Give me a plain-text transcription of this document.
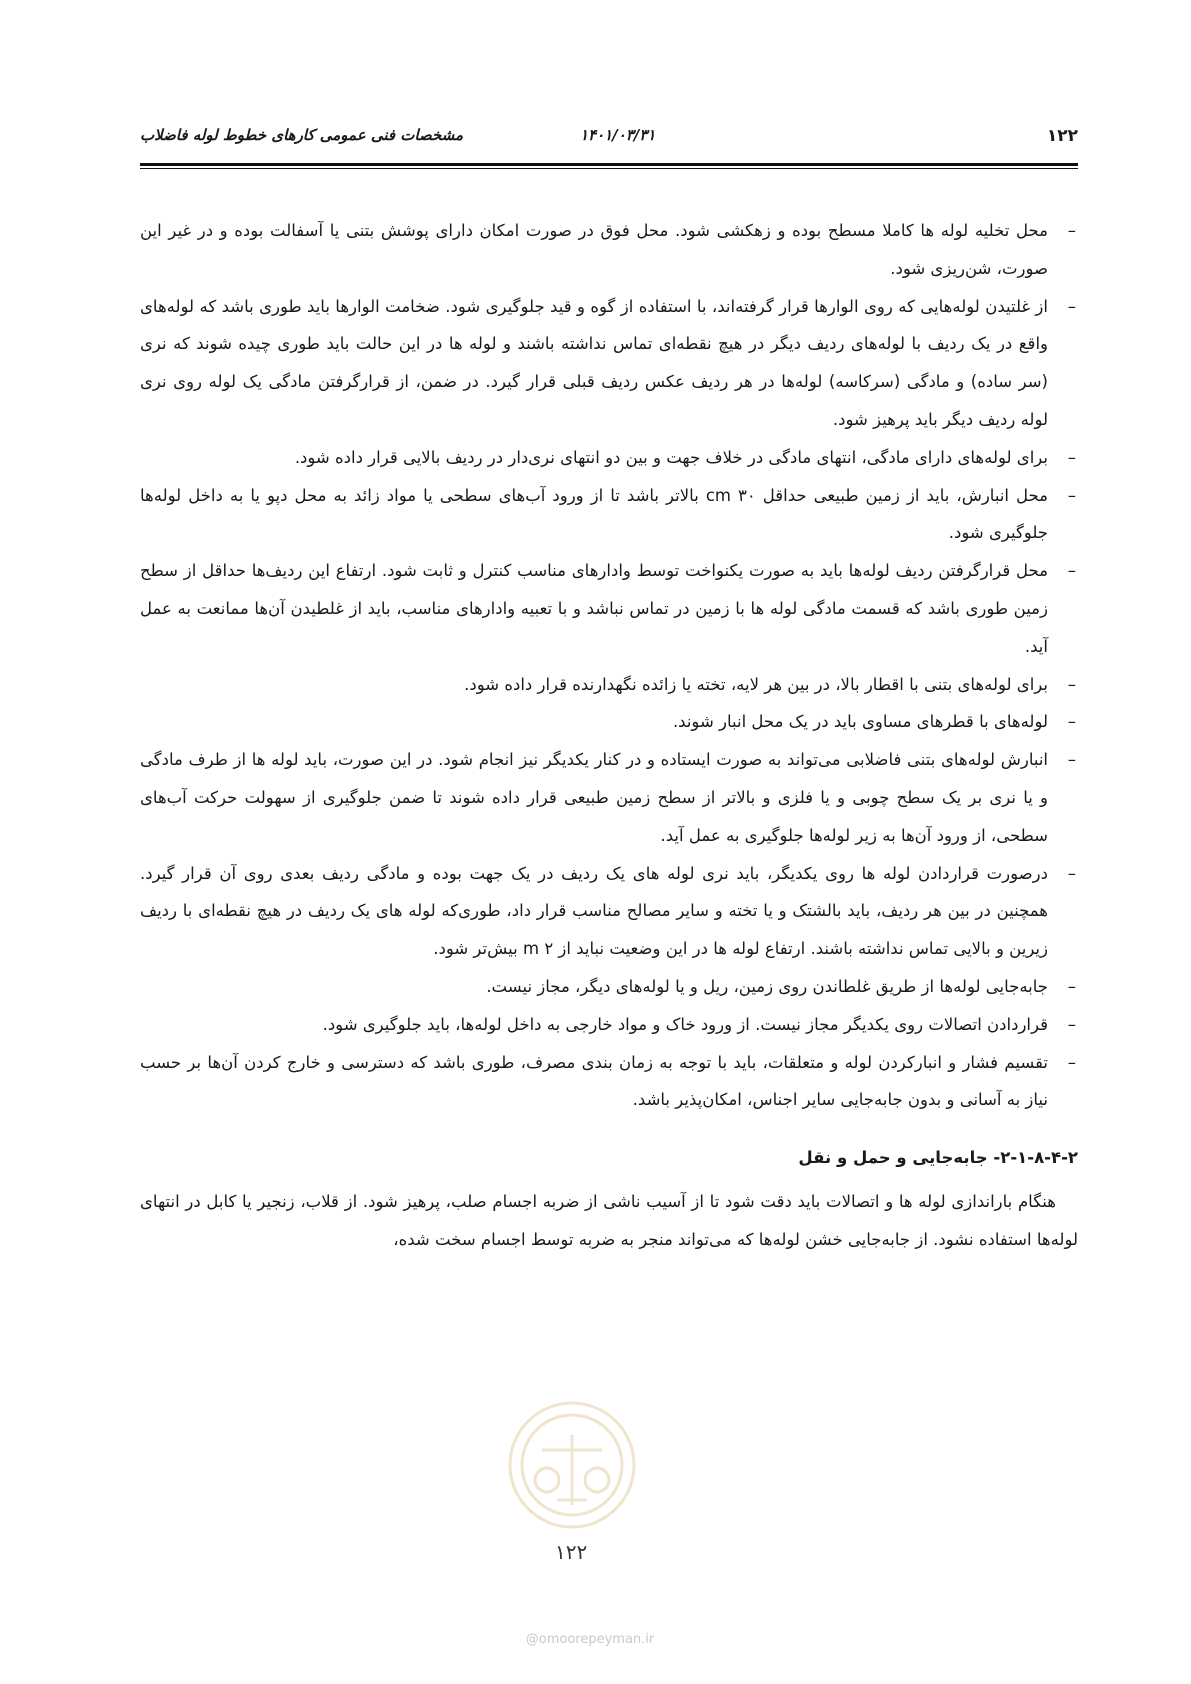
۱۲۲
۱۴۰۱/۰۳/۳۱
مشخصات فنی عمومی کارهای خطوط لوله فاضلاب
–
محل تخلیه لوله ها کاملا مسطح بوده و زهکشی شود. محل فوق در صورت امکان دارای پوشش بتنی یا آسفالت بوده و در غیر این صورت، شن‌ریزی شود.
–
از غلتیدن لوله‌هایی که روی الوارها قرار گرفته‌اند، با استفاده از گوه و قید جلوگیری شود. ضخامت الوارها باید طوری باشد که لوله‌های واقع در یک ردیف با لوله‌های ردیف دیگر در هیچ نقطه‌ای تماس نداشته باشند و لوله ها در این حالت باید طوری چیده شوند که نری (سر ساده) و مادگی (سرکاسه) لوله‌ها در هر ردیف عکس ردیف قبلی قرار گیرد. در ضمن، از قرارگرفتن مادگی یک لوله روی نری لوله ردیف دیگر باید پرهیز شود.
–
برای لوله‌های دارای مادگی، انتهای مادگی در خلاف جهت و بین دو انتهای نری‌دار در ردیف بالایی قرار داده شود.
–
محل انبارش، باید از زمین طبیعی حداقل ۳۰ cm بالاتر باشد تا از ورود آب‌های سطحی یا مواد زائد به محل دپو یا به داخل لوله‌ها جلوگیری شود.
–
محل قرارگرفتن ردیف لوله‌ها باید به صورت یکنواخت توسط وادارهای مناسب کنترل و ثابت شود. ارتفاع این ردیف‌ها حداقل از سطح زمین طوری باشد که قسمت مادگی لوله ها با زمین در تماس نباشد و با تعبیه وادارهای مناسب، باید از غلطیدن آن‌ها ممانعت به عمل آید.
–
برای لوله‌های بتنی با اقطار بالا، در بین هر لایه، تخته یا زائده نگهدارنده قرار داده شود.
–
لوله‌های با قطرهای مساوی باید در یک محل انبار شوند.
–
انبارش لوله‌های بتنی فاضلابی می‌تواند به صورت ایستاده و در کنار یکدیگر نیز انجام شود. در این صورت، باید لوله ها از طرف مادگی و یا نری بر یک سطح چوبی و یا فلزی و بالاتر از سطح زمین طبیعی قرار داده شوند تا ضمن جلوگیری از سهولت حرکت آب‌های سطحی، از ورود آن‌ها به زیر لوله‌ها جلوگیری به عمل آید.
–
درصورت قراردادن لوله ها روی یکدیگر، باید نری لوله های یک ردیف در یک جهت بوده و مادگی ردیف بعدی روی آن قرار گیرد. همچنین در بین هر ردیف، باید بالشتک و یا تخته و سایر مصالح مناسب قرار داد، طوری‌که لوله های یک ردیف در هیچ نقطه‌ای با ردیف زیرین و بالایی تماس نداشته باشند. ارتفاع لوله ها در این وضعیت نباید از ۲ m بیش‌تر شود.
–
جابه‌جایی لوله‌ها از طریق غلطاندن روی زمین، ریل و یا لوله‌های دیگر، مجاز نیست.
–
قراردادن اتصالات روی یکدیگر مجاز نیست. از ورود خاک و مواد خارجی به داخل لوله‌ها، باید جلوگیری شود.
–
تقسیم فشار و انبارکردن لوله و متعلقات، باید با توجه به زمان بندی مصرف، طوری باشد که دسترسی و خارج کردن آن‌ها بر حسب نیاز به آسانی و بدون جابه‌جایی سایر اجناس، امکان‌پذیر باشد.
۲-۱-۸-۴-۲- جابه‌جایی و حمل و نقل

هنگام باراندازی لوله ها و اتصالات باید دقت شود تا از آسیب ناشی از ضربه اجسام صلب، پرهیز شود. از قلاب، زنجیر یا کابل در انتهای لوله‌ها استفاده نشود. از جابه‌جایی خشن لوله‌ها که می‌تواند منجر به ضربه توسط اجسام سخت شده،

۱۲۲
@omoorepeyman.ir
